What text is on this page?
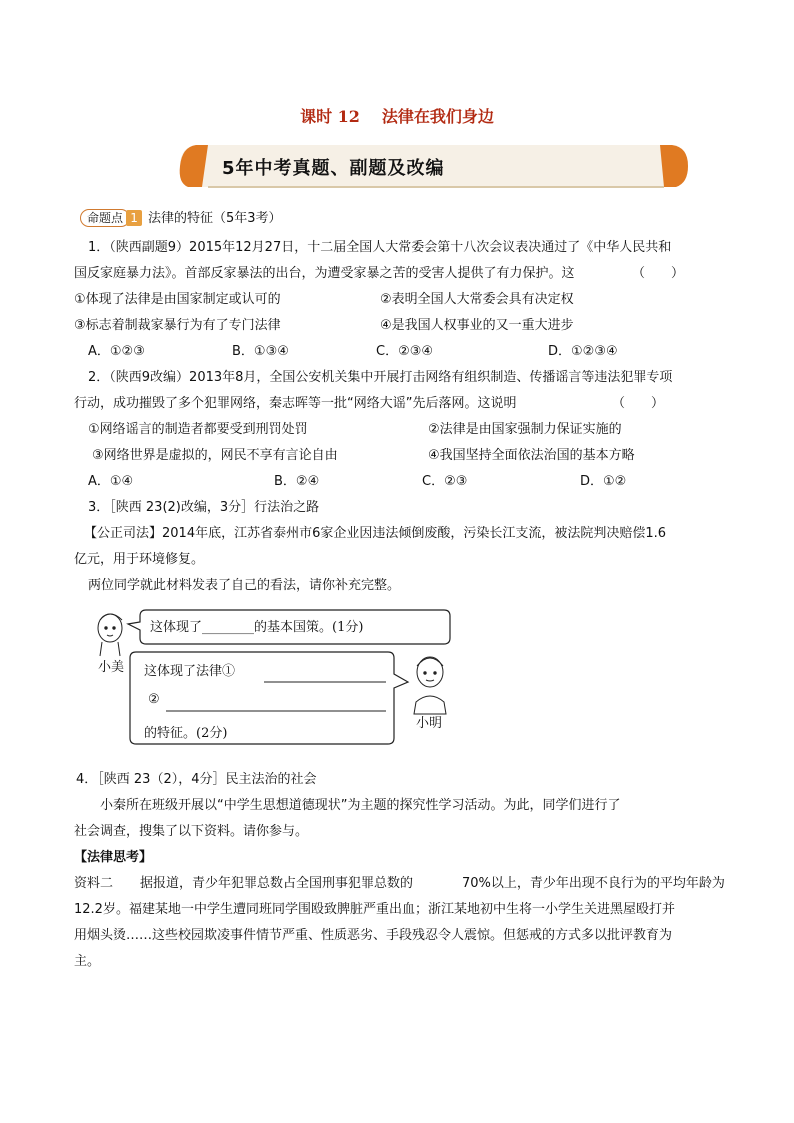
课时 12 法律在我们身边
5年中考真题、副题及改编
命题点 1 法律的特征（5年3考）
1．（陕西副题9）2015年12月27日，十二届全国人大常委会第十八次会议表决通过了《中华人民共和
国反家庭暴力法》。首部反家暴法的出台，为遭受家暴之苦的受害人提供了有力保护。这	（　　）
①体现了法律是由国家制定或认可的	②表明全国人大常委会具有决定权
③标志着制裁家暴行为有了专门法律	④是我国人权事业的又一重大进步
A．①②③	B．①③④	C．②③④	D．①②③④
2．（陕西9改编）2013年8月，全国公安机关集中开展打击网络有组织制造、传播谣言等违法犯罪专项
行动，成功摧毁了多个犯罪网络，秦志晖等一批“网络大谣”先后落网。这说明	（　　）
①网络谣言的制造者都要受到刑罚处罚	②法律是由国家强制力保证实施的
③网络世界是虚拟的，网民不享有言论自由	④我国坚持全面依法治国的基本方略
A．①④	B．②④	C．②③	D．①②
3．［陕西 23(2)改编，3分］行法治之路
【公正司法】2014年底，江苏省泰州市6家企业因违法倾倒废酸，污染长江支流，被法院判决赔偿1.6
亿元，用于环境修复。
两位同学就此材料发表了自己的看法，请你补充完整。
这体现了________的基本国策。(1分)
小美 这体现了法律①
②
的特征。(2分)
小明
4．［陕西 23（2），4分］民主法治的社会
小秦所在班级开展以“中学生思想道德现状”为主题的探究性学习活动。为此，同学们进行了
社会调查，搜集了以下资料。请你参与。
【法律思考】
资料二 据报道，青少年犯罪总数占全国刑事犯罪总数的	70%以上，青少年出现不良行为的平均年龄为
12.2岁。福建某地一中学生遭同班同学围殴致脾脏严重出血；浙江某地初中生将一小学生关进黑屋殴打并
用烟头烫……这些校园欺凌事件情节严重、性质恶劣、手段残忍令人震惊。但惩戒的方式多以批评教育为
主。
